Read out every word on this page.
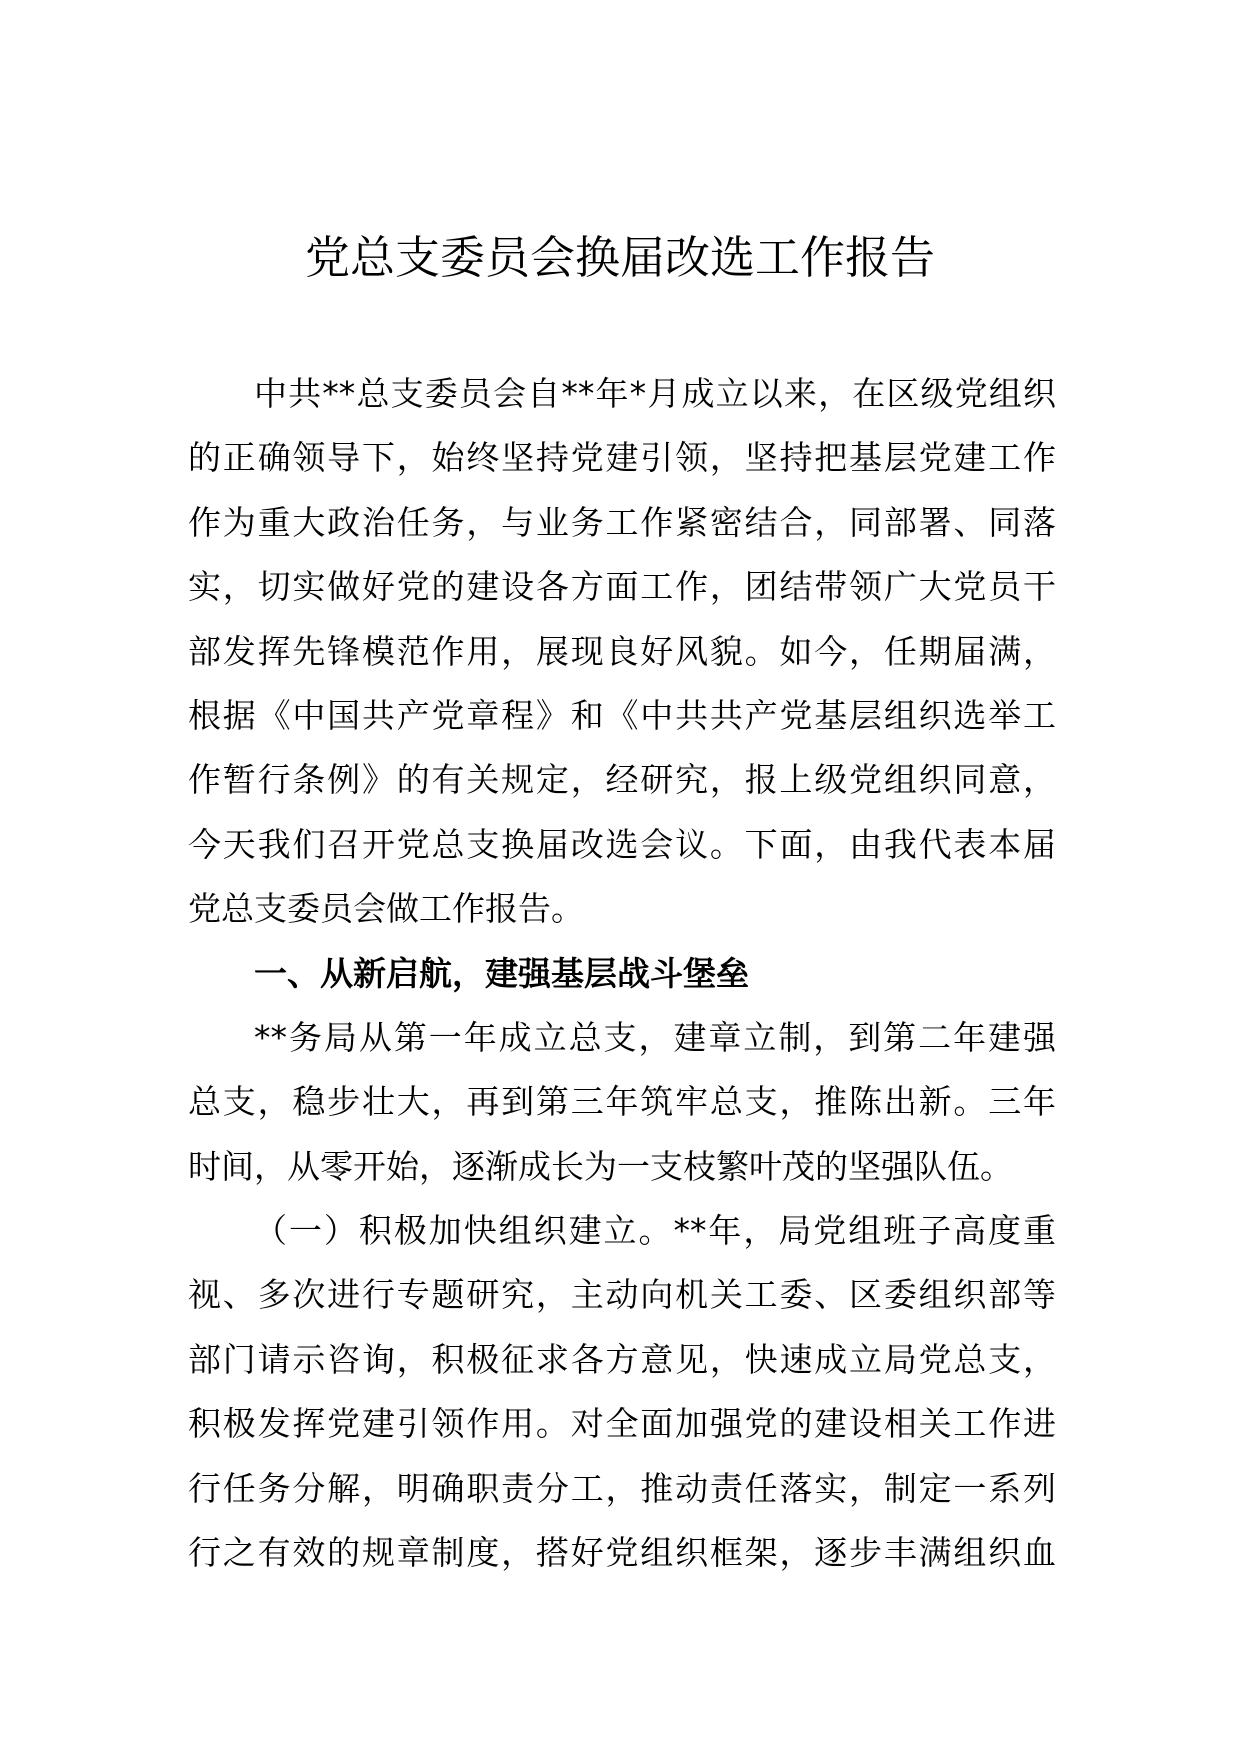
党总支委员会换届改选工作报告

中共**总支委员会自**年*月成立以来，在区级党组织

的正确领导下，始终坚持党建引领，坚持把基层党建工作

作为重大政治任务，与业务工作紧密结合，同部署、同落

实，切实做好党的建设各方面工作，团结带领广大党员干

部发挥先锋模范作用，展现良好风貌。如今，任期届满，

根据《中国共产党章程》和《中共共产党基层组织选举工

作暂行条例》的有关规定，经研究，报上级党组织同意，

今天我们召开党总支换届改选会议。下面，由我代表本届

党总支委员会做工作报告。

一、从新启航，建强基层战斗堡垒

**务局从第一年成立总支，建章立制，到第二年建强

总支，稳步壮大，再到第三年筑牢总支，推陈出新。三年

时间，从零开始，逐渐成长为一支枝繁叶茂的坚强队伍。

（一）积极加快组织建立。**年，局党组班子高度重

视、多次进行专题研究，主动向机关工委、区委组织部等

部门请示咨询，积极征求各方意见，快速成立局党总支，

积极发挥党建引领作用。对全面加强党的建设相关工作进

行任务分解，明确职责分工，推动责任落实，制定一系列

行之有效的规章制度，搭好党组织框架，逐步丰满组织血
